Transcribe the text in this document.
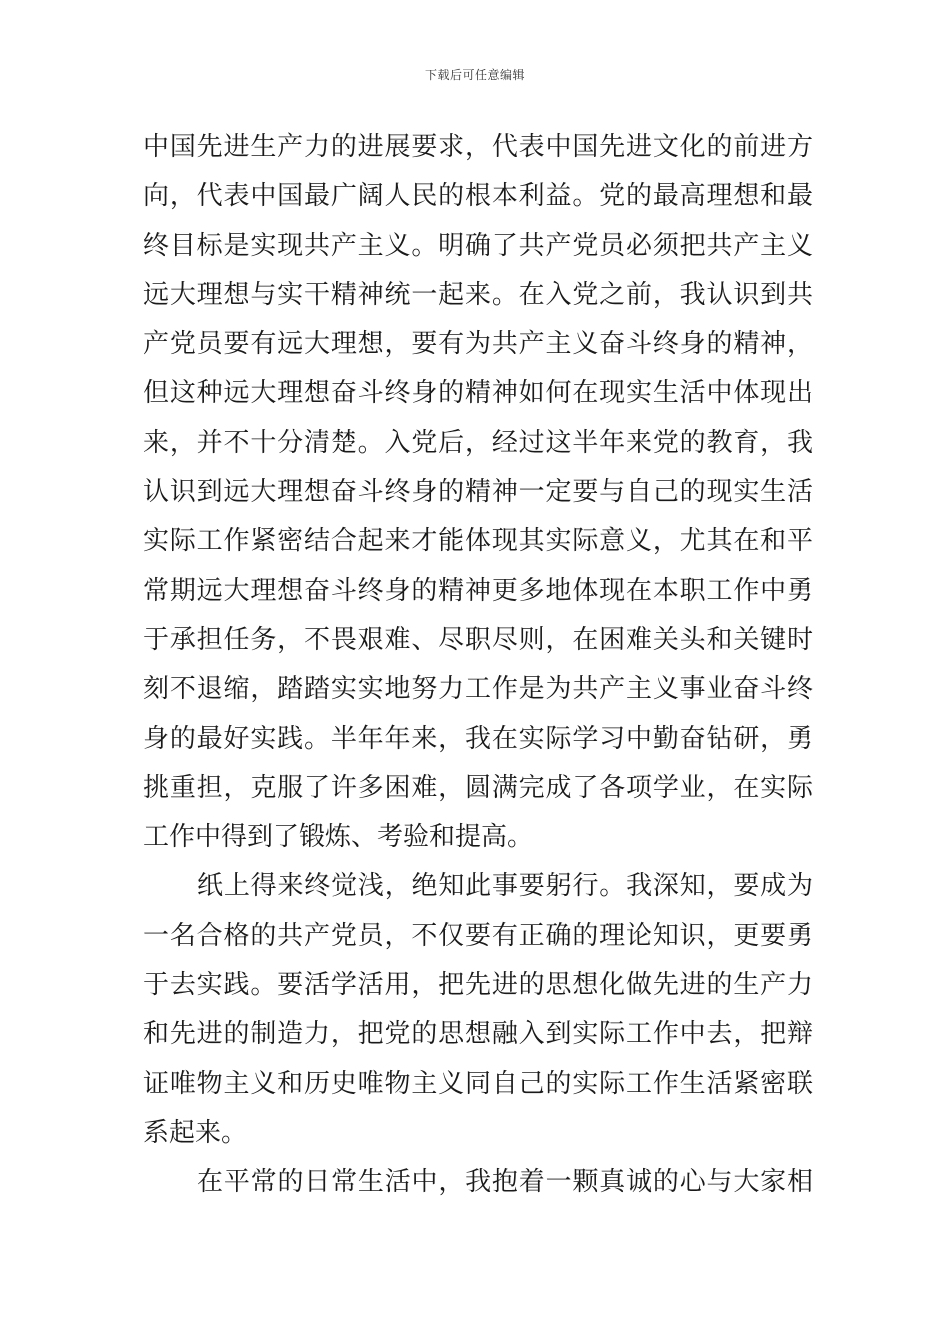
下载后可任意编辑
中国先进生产力的进展要求，代表中国先进文化的前进方
向，代表中国最广阔人民的根本利益。党的最高理想和最
终目标是实现共产主义。明确了共产党员必须把共产主义
远大理想与实干精神统一起来。在入党之前，我认识到共
产党员要有远大理想，要有为共产主义奋斗终身的精神，
但这种远大理想奋斗终身的精神如何在现实生活中体现出
来，并不十分清楚。入党后，经过这半年来党的教育，我
认识到远大理想奋斗终身的精神一定要与自己的现实生活
实际工作紧密结合起来才能体现其实际意义，尤其在和平
常期远大理想奋斗终身的精神更多地体现在本职工作中勇
于承担任务，不畏艰难、尽职尽则，在困难关头和关键时
刻不退缩，踏踏实实地努力工作是为共产主义事业奋斗终
身的最好实践。半年年来，我在实际学习中勤奋钻研，勇
挑重担，克服了许多困难，圆满完成了各项学业，在实际
工作中得到了锻炼、考验和提高。
纸上得来终觉浅，绝知此事要躬行。我深知，要成为
一名合格的共产党员，不仅要有正确的理论知识，更要勇
于去实践。要活学活用，把先进的思想化做先进的生产力
和先进的制造力，把党的思想融入到实际工作中去，把辩
证唯物主义和历史唯物主义同自己的实际工作生活紧密联
系起来。
在平常的日常生活中，我抱着一颗真诚的心与大家相
